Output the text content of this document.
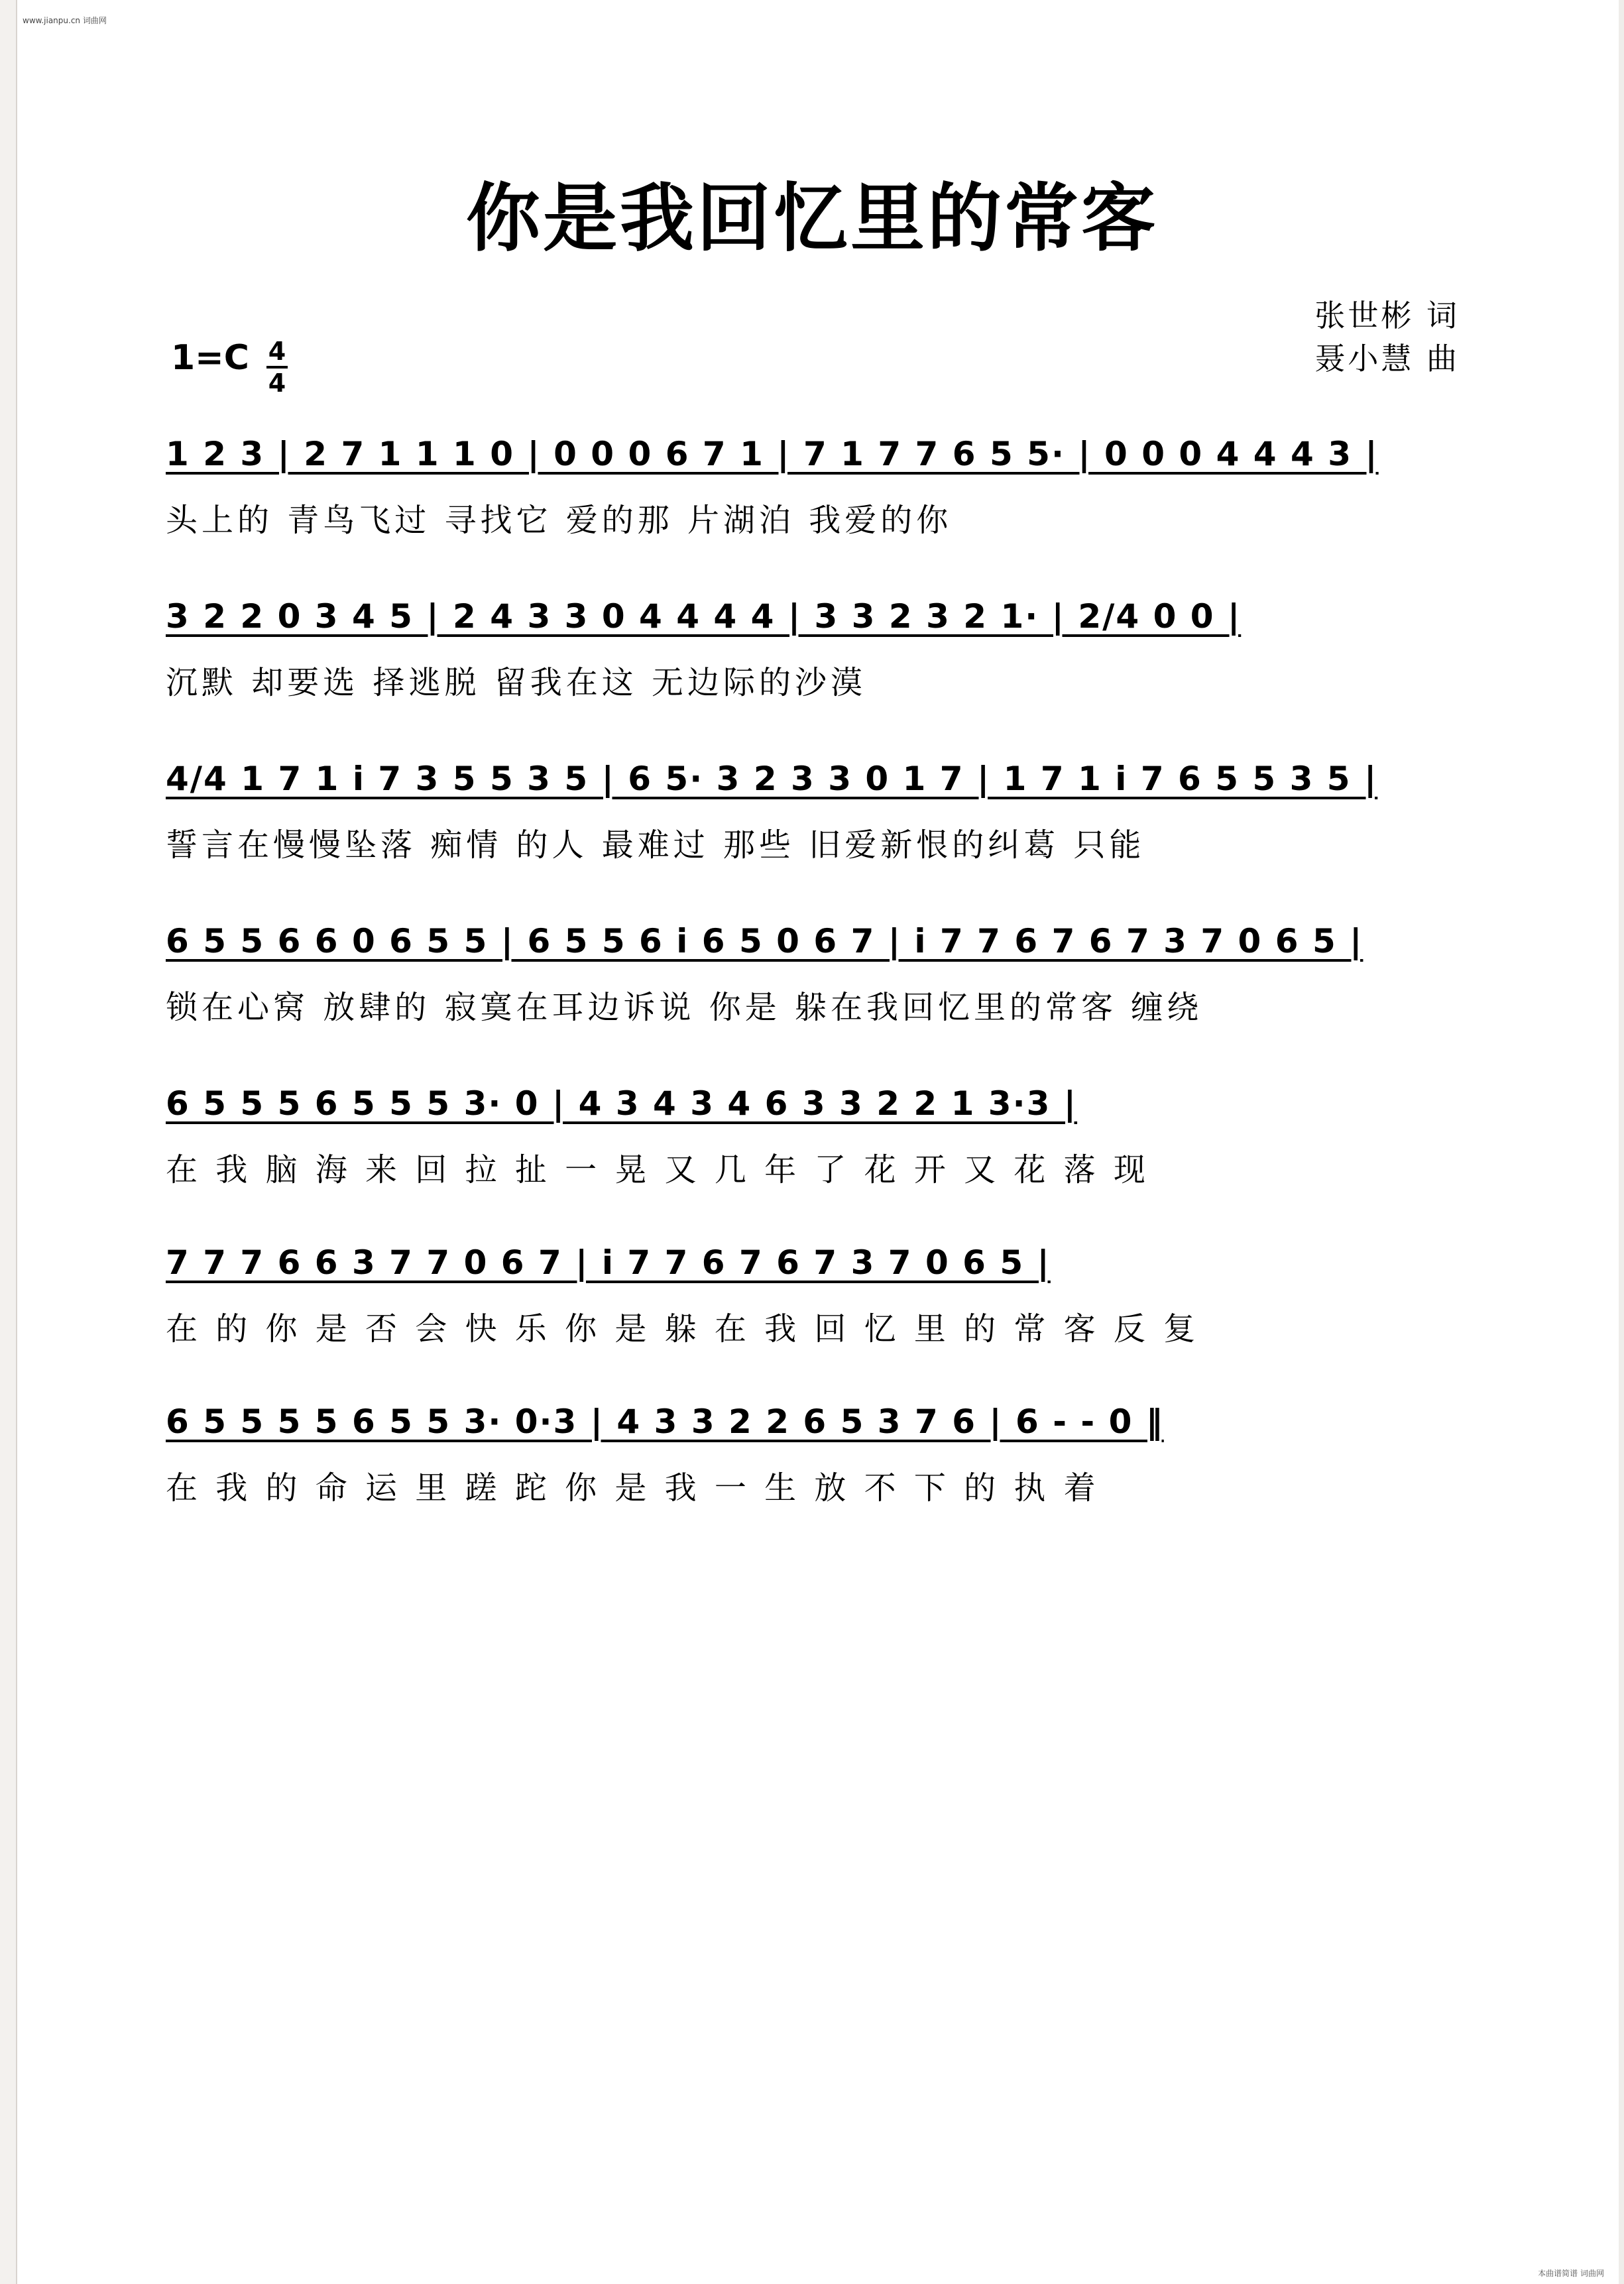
www.jianpu.cn 词曲网
你是我回忆里的常客
张世彬 词
聂小慧 曲
1=C 4
4
1 2 3 | 2 7 1 1 1 0 | 0 0 0 6 7 1 | 7 1 7 7 6 5 5· | 0 0 0 4 4 4 3 |
头上的 青鸟飞过 寻找它 爱的那 片湖泊 我爱的你
3 2 2 0 3 4 5 | 2 4 3 3 0 4 4 4 4 | 3 3 2 3 2 1· | 2/4 0 0 |
沉默 却要选 择逃脱 留我在这 无边际的沙漠
4/4 1 7 1 i 7 3 5 5 3 5 | 6 5· 3 2 3 3 0 1 7 | 1 7 1 i 7 6 5 5 3 5 |
誓言在慢慢坠落 痴情 的人 最难过 那些 旧爱新恨的纠葛 只能
6 5 5 6 6 0 6 5 5 | 6 5 5 6 i 6 5 0 6 7 | i 7 7 6 7 6 7 3 7 0 6 5 |
锁在心窝 放肆的 寂寞在耳边诉说 你是 躲在我回忆里的常客 缠绕
6 5 5 5 6 5 5 5 3· 0 | 4 3 4 3 4 6 3 3 2 2 1 3·3 |
在 我 脑 海 来 回 拉 扯 一 晃 又 几 年 了 花 开 又 花 落 现
7 7 7 6 6 3 7 7 0 6 7 | i 7 7 6 7 6 7 3 7 0 6 5 |
在 的 你 是 否 会 快 乐 你 是 躲 在 我 回 忆 里 的 常 客 反 复
6 5 5 5 5 6 5 5 3· 0·3 | 4 3 3 2 2 6 5 3 7 6 | 6 - - 0 ‖
在 我 的 命 运 里 蹉 跎 你 是 我 一 生 放 不 下 的 执 着
本曲谱简谱 词曲网
